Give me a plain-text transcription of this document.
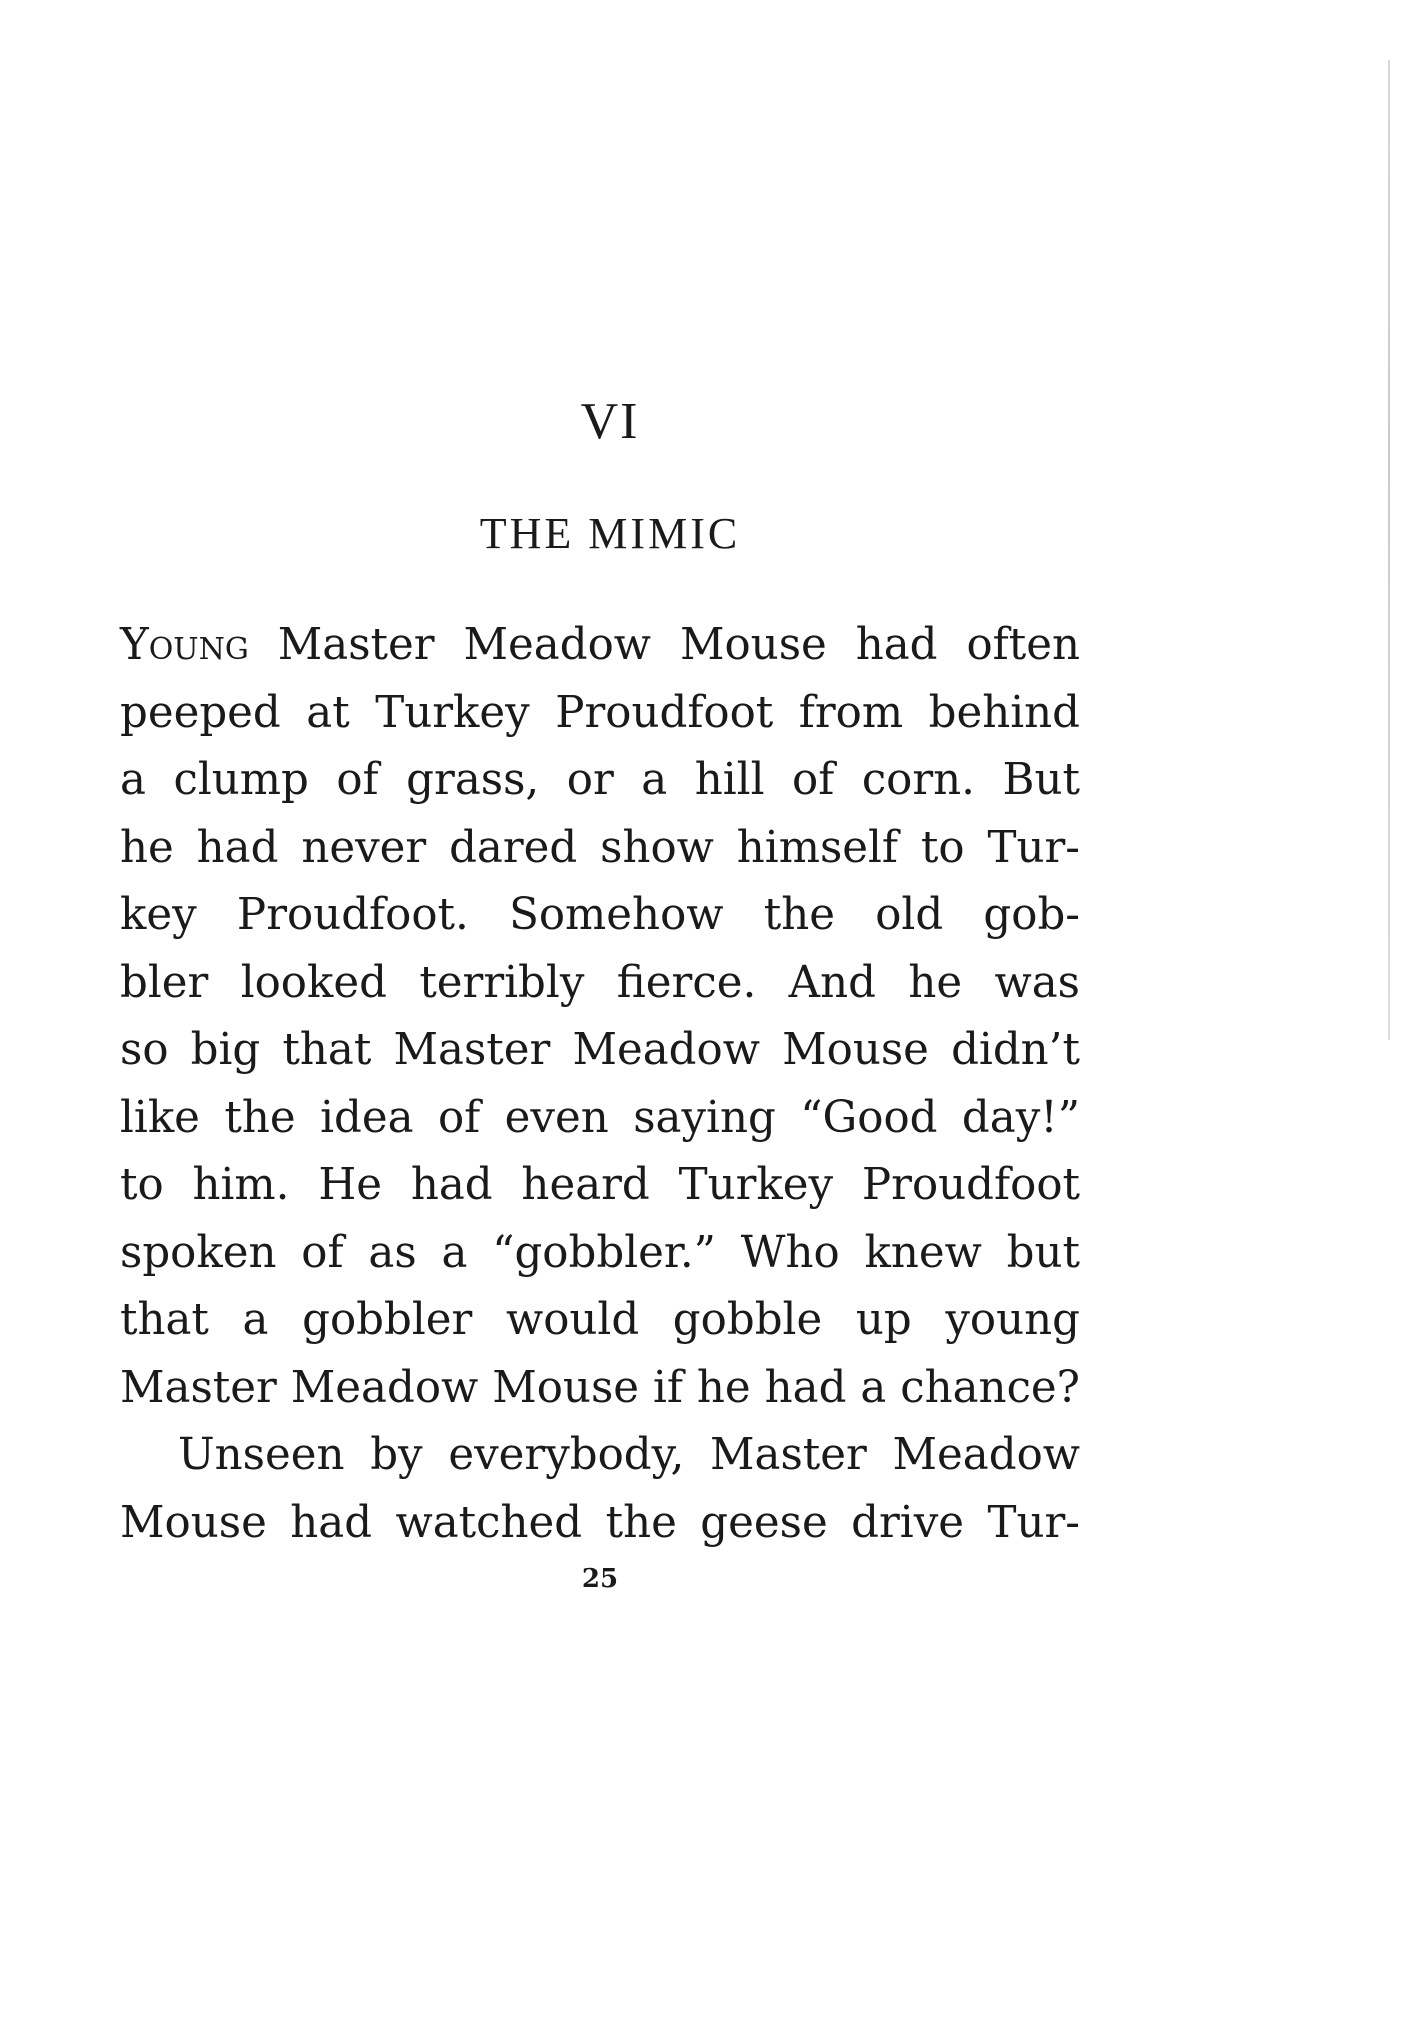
VI
THE MIMIC
Young Master Meadow Mouse had often
peeped at Turkey Proudfoot from behind
a clump of grass, or a hill of corn. But
he had never dared show himself to Tur-
key Proudfoot. Somehow the old gob-
bler looked terribly fierce. And he was
so big that Master Meadow Mouse didn’t
like the idea of even saying “Good day!”
to him. He had heard Turkey Proudfoot
spoken of as a “gobbler.” Who knew but
that a gobbler would gobble up young
Master Meadow Mouse if he had a chance?
Unseen by everybody, Master Meadow
Mouse had watched the geese drive Tur-
25
